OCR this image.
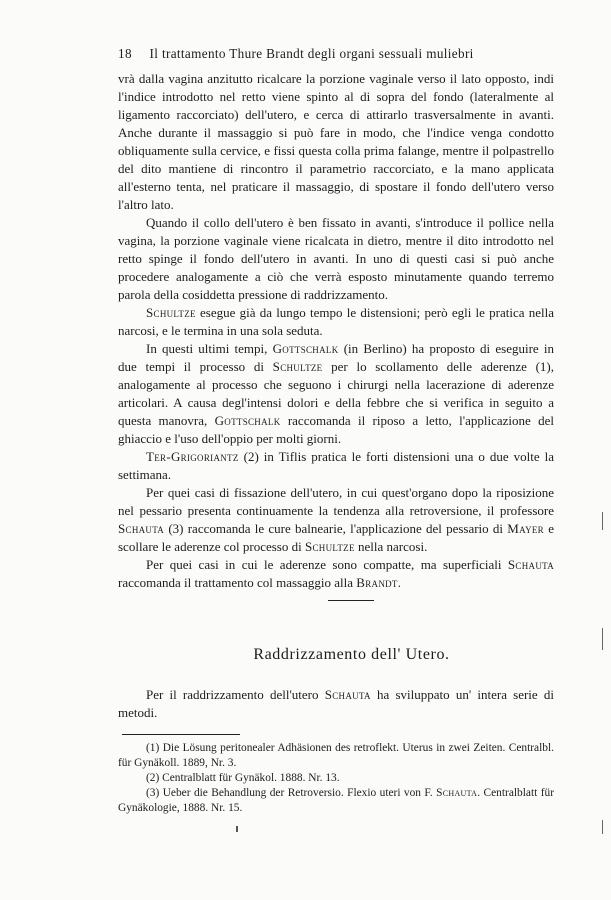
18 Il trattamento Thure Brandt degli organi sessuali muliebri

vrà dalla vagina anzitutto ricalcare la porzione vaginale verso il lato opposto, indi l'indice introdotto nel retto viene spinto al di sopra del fondo (lateralmente al ligamento raccorciato) dell'utero, e cerca di attirarlo trasversalmente in avanti. Anche durante il massaggio si può fare in modo, che l'indice venga condotto obliquamente sulla cervice, e fissi questa colla prima falange, mentre il polpastrello del dito mantiene di rincontro il parametrio raccorciato, e la mano applicata all'esterno tenta, nel praticare il massaggio, di spostare il fondo dell'utero verso l'altro lato.

Quando il collo dell'utero è ben fissato in avanti, s'introduce il pollice nella vagina, la porzione vaginale viene ricalcata in dietro, mentre il dito introdotto nel retto spinge il fondo dell'utero in avanti. In uno di questi casi si può anche procedere analogamente a ciò che verrà esposto minutamente quando terremo parola della cosiddetta pressione di raddrizzamento.

Schultze esegue già da lungo tempo le distensioni; però egli le pratica nella narcosi, e le termina in una sola seduta.

In questi ultimi tempi, Gottschalk (in Berlino) ha proposto di eseguire in due tempi il processo di Schultze per lo scollamento delle aderenze (1), analogamente al processo che seguono i chirurgi nella lacerazione di aderenze articolari. A causa degl'intensi dolori e della febbre che si verifica in seguito a questa manovra, Gottschalk raccomanda il riposo a letto, l'applicazione del ghiaccio e l'uso dell'oppio per molti giorni.

Ter-Grigoriantz (2) in Tiflis pratica le forti distensioni una o due volte la settimana.

Per quei casi di fissazione dell'utero, in cui quest'organo dopo la riposizione nel pessario presenta continuamente la tendenza alla retroversione, il professore Schauta (3) raccomanda le cure balnearie, l'applicazione del pessario di Mayer e scollare le aderenze col processo di Schultze nella narcosi.

Per quei casi in cui le aderenze sono compatte, ma superficiali Schauta raccomanda il trattamento col massaggio alla Brandt.

Raddrizzamento dell' Utero.

Per il raddrizzamento dell'utero Schauta ha sviluppato un' intera serie di metodi.

(1) Die Lösung peritonealer Adhäsionen des retroflekt. Uterus in zwei Zeiten. Centralbl. für Gynäkoll. 1889, Nr. 3.

(2) Centralblatt für Gynäkol. 1888. Nr. 13.

(3) Ueber die Behandlung der Retroversio. Flexio uteri von F. Schauta. Centralblatt für Gynäkologie, 1888. Nr. 15.
